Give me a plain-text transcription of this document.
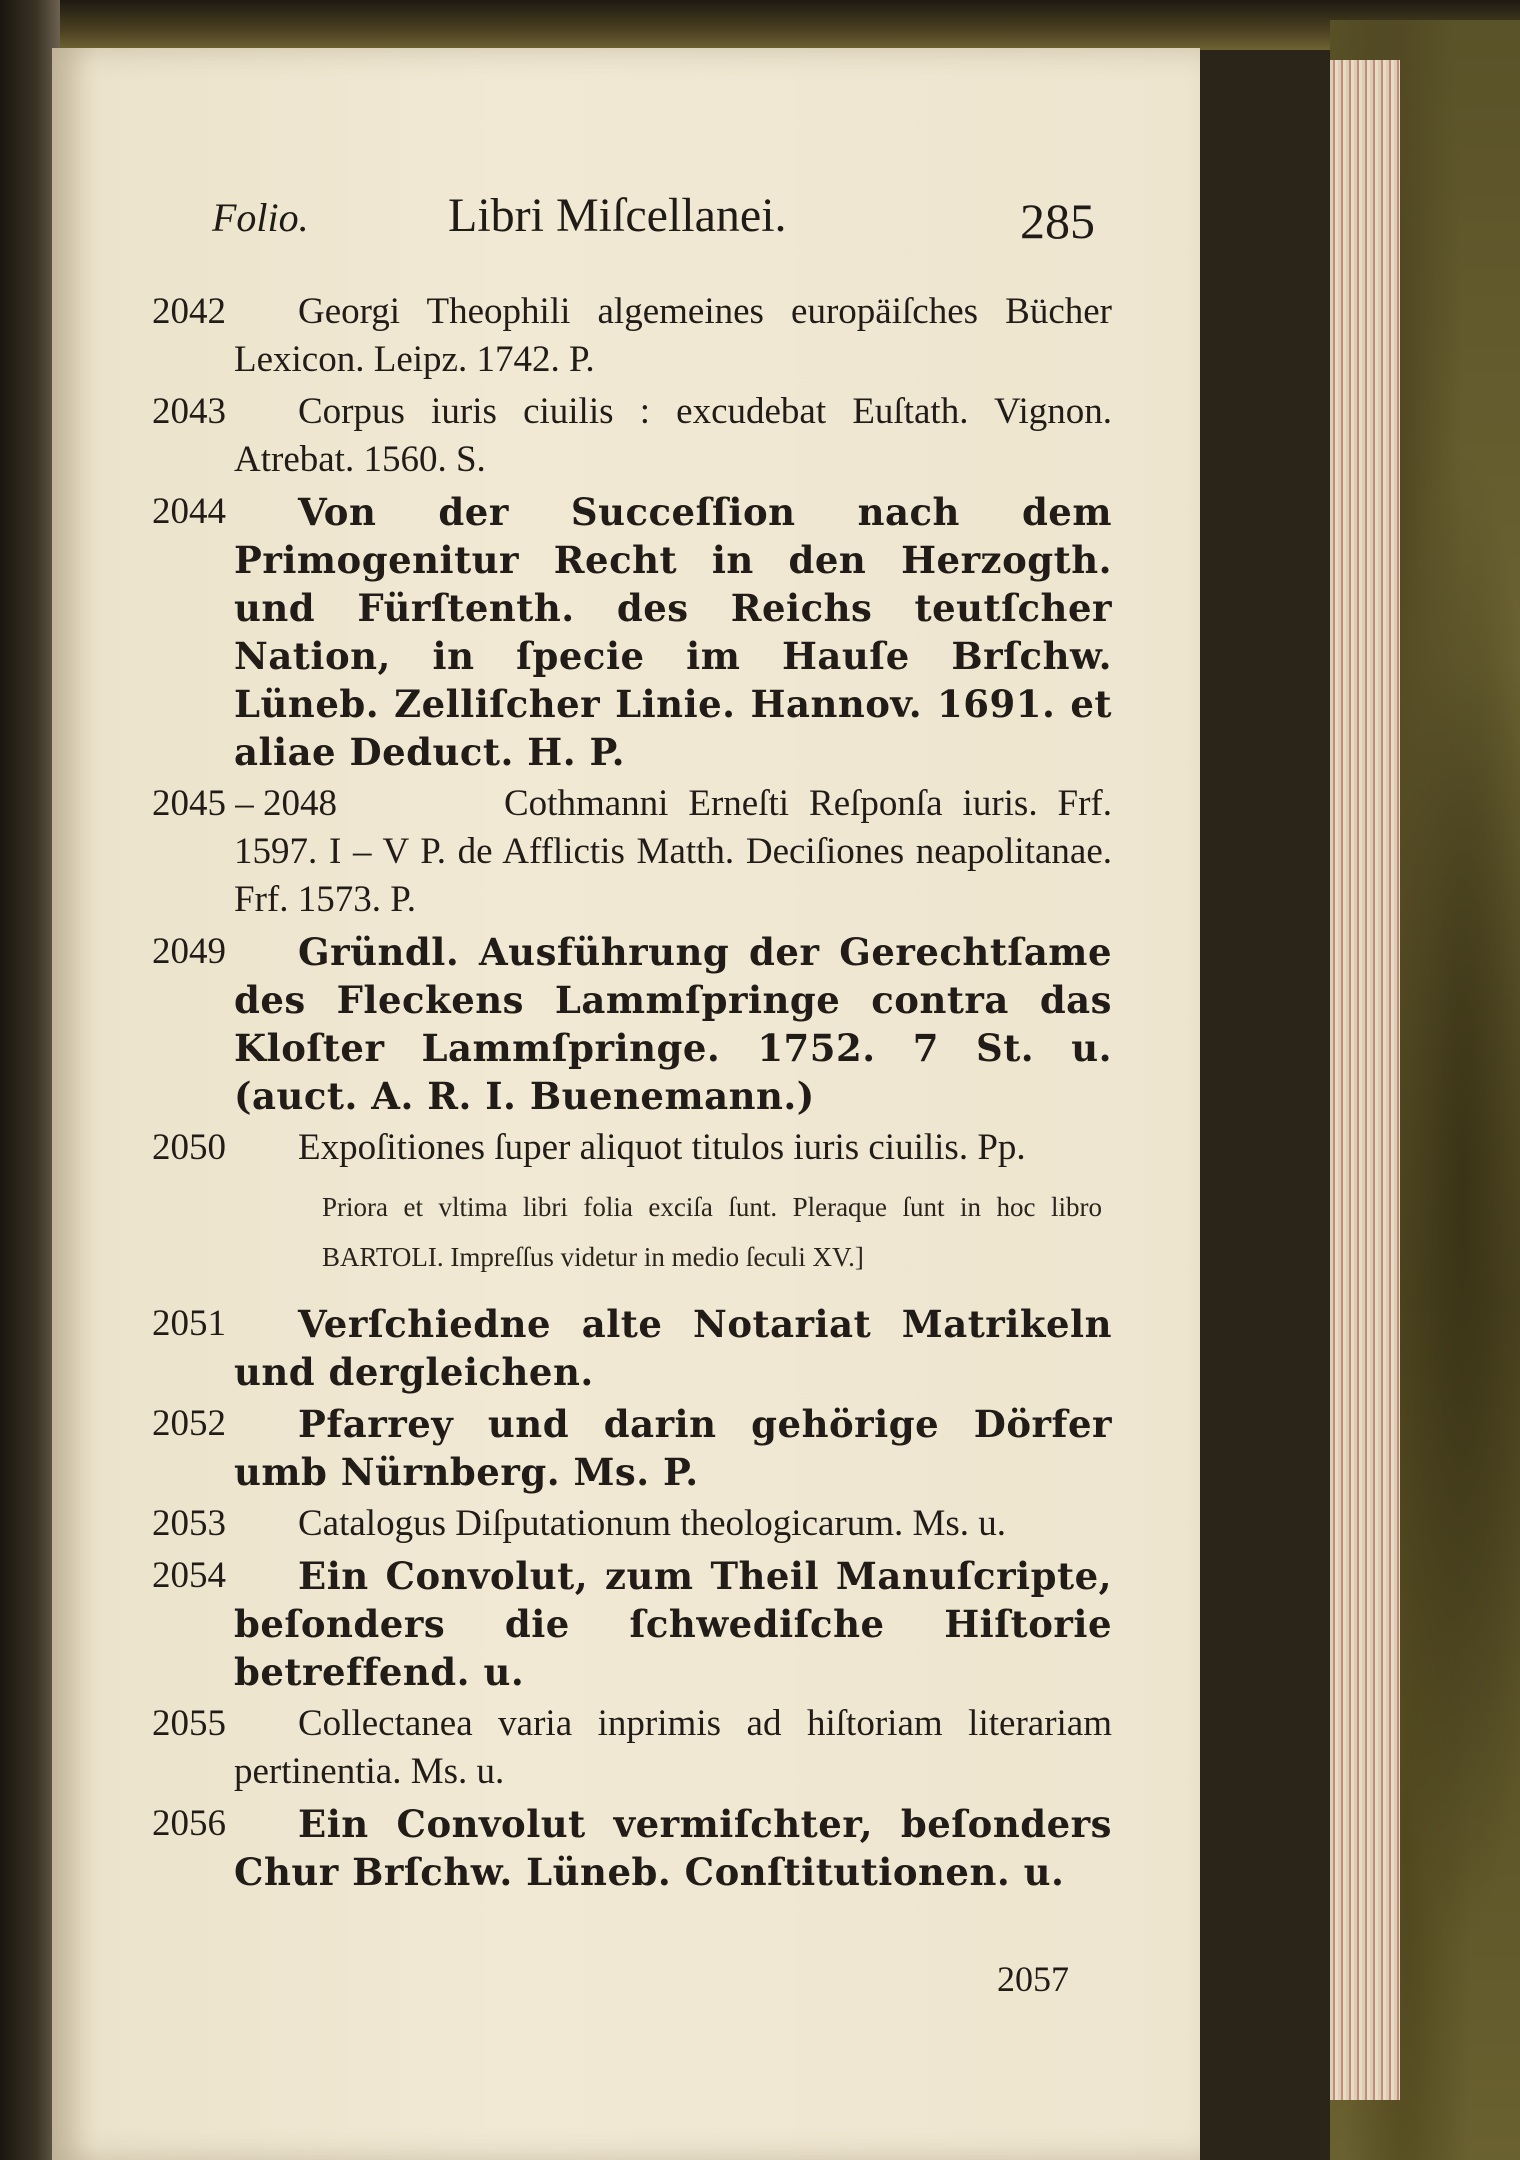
Folio.	Libri Miſcellanei.	285
2042	Georgi Theophili algemeines europäiſches Bücher Lexicon. Leipz. 1742. P.
2043	Corpus iuris ciuilis : excudebat Euſtath. Vignon. Atrebat. 1560. S.
2044	Von der Succeſſion nach dem Primogenitur Recht in den Herzogth. und Fürſtenth. des Reichs teutſcher Nation, in ſpecie im Hauſe Brſchw. Lüneb. Zelliſcher Linie. Hannov. 1691. et aliae Deduct. H. P.
2045 – 2048	Cothmanni Erneſti Reſponſa iuris. Frf. 1597. I – V P. de Afflictis Matth. Deciſiones neapolitanae. Frf. 1573. P.
2049	Gründl. Ausführung der Gerechtſame des Fleckens Lammſpringe contra das Kloſter Lammſpringe. 1752. 7 St. u. (auct. A. R. I. Buenemann.)
2050	Expoſitiones ſuper aliquot titulos iuris ciuilis. Pp.
Priora et vltima libri folia exciſa ſunt. Pleraque ſunt in hoc libro BARTOLI. Impreſſus videtur in medio ſeculi XV.]
2051	Verſchiedne alte Notariat Matrikeln und dergleichen.
2052	Pfarrey und darin gehörige Dörfer umb Nürnberg. Ms. P.
2053	Catalogus Diſputationum theologicarum. Ms. u.
2054	Ein Convolut, zum Theil Manuſcripte, beſonders die ſchwediſche Hiſtorie betreffend. u.
2055	Collectanea varia inprimis ad hiſtoriam literariam pertinentia. Ms. u.
2056	Ein Convolut vermiſchter, beſonders Chur Brſchw. Lüneb. Conſtitutionen. u.
2057
